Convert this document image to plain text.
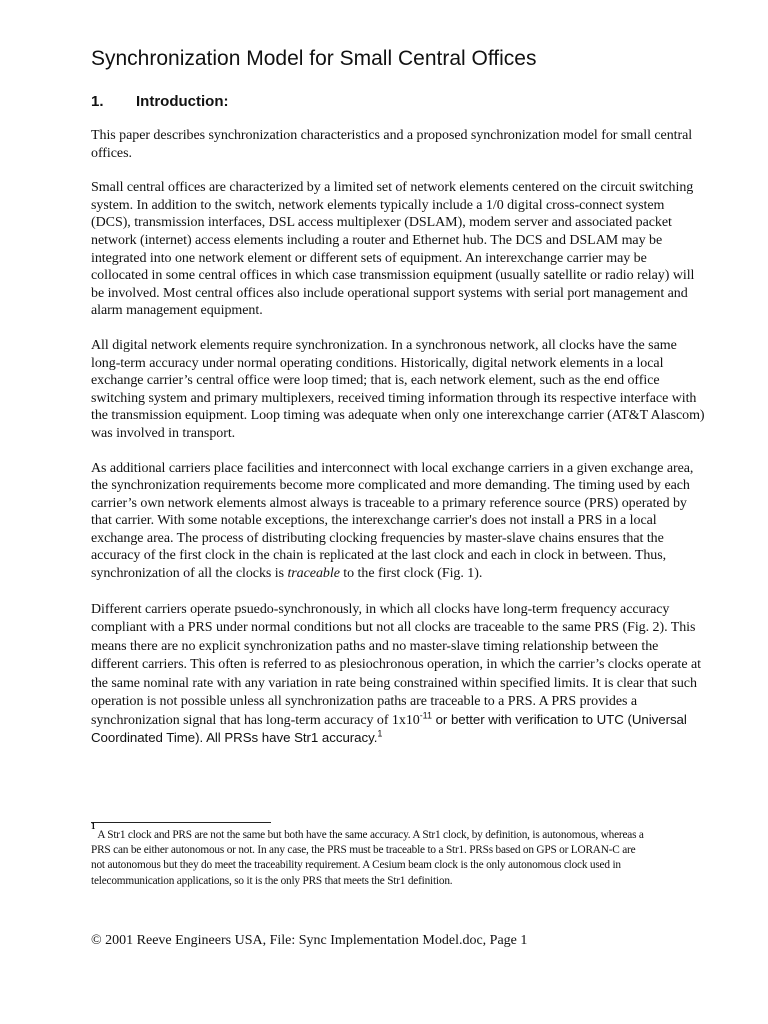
Synchronization Model for Small Central Offices
1. Introduction:

This paper describes synchronization characteristics and a proposed synchronization model for small central offices.

Small central offices are characterized by a limited set of network elements centered on the circuit switching system. In addition to the switch, network elements typically include a 1/0 digital cross-connect system (DCS), transmission interfaces, DSL access multiplexer (DSLAM), modem server and associated packet network (internet) access elements including a router and Ethernet hub. The DCS and DSLAM may be integrated into one network element or different sets of equipment. An interexchange carrier may be collocated in some central offices in which case transmission equipment (usually satellite or radio relay) will be involved. Most central offices also include operational support systems with serial port management and alarm management equipment.

All digital network elements require synchronization. In a synchronous network, all clocks have the same long-term accuracy under normal operating conditions. Historically, digital network elements in a local exchange carrier’s central office were loop timed; that is, each network element, such as the end office switching system and primary multiplexers, received timing information through its respective interface with the transmission equipment. Loop timing was adequate when only one interexchange carrier (AT&T Alascom) was involved in transport.

As additional carriers place facilities and interconnect with local exchange carriers in a given exchange area, the synchronization requirements become more complicated and more demanding. The timing used by each carrier’s own network elements almost always is traceable to a primary reference source (PRS) operated by that carrier. With some notable exceptions, the interexchange carrier's does not install a PRS in a local exchange area. The process of distributing clocking frequencies by master-slave chains ensures that the accuracy of the first clock in the chain is replicated at the last clock and each in clock in between. Thus, synchronization of all the clocks is traceable to the first clock (Fig. 1).

Different carriers operate psuedo-synchronously, in which all clocks have long-term frequency accuracy compliant with a PRS under normal conditions but not all clocks are traceable to the same PRS (Fig. 2). This means there are no explicit synchronization paths and no master-slave timing relationship between the different carriers. This often is referred to as plesiochronous operation, in which the carrier’s clocks operate at the same nominal rate with any variation in rate being constrained within specified limits. It is clear that such operation is not possible unless all synchronization paths are traceable to a PRS. A PRS provides a synchronization signal that has long-term accuracy of $1x10^{-11}$ or better with verification to UTC (Universal Coordinated Time). All PRSs have Str1 accuracy.$^1$

$^1$ A Str1 clock and PRS are not the same but both have the same accuracy. A Str1 clock, by definition, is autonomous, whereas a PRS can be either autonomous or not. In any case, the PRS must be traceable to a Str1. PRSs based on GPS or LORAN-C are not autonomous but they do meet the traceability requirement. A Cesium beam clock is the only autonomous clock used in telecommunication applications, so it is the only PRS that meets the Str1 definition.
© 2001 Reeve Engineers USA, File: Sync Implementation Model.doc, Page 1
